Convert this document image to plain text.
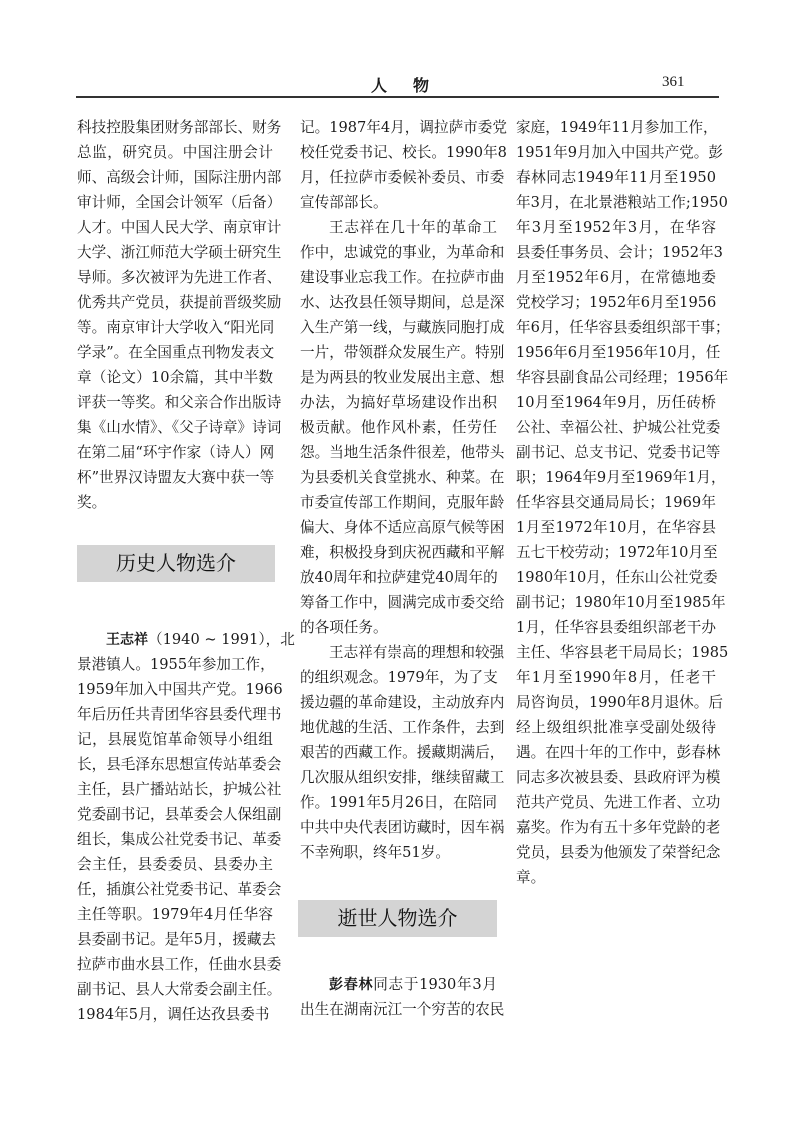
人物	361
科技控股集团财务部部长、财务
总监，研究员。中国注册会计
师、高级会计师，国际注册内部
审计师，全国会计领军（后备）
人才。中国人民大学、南京审计
大学、浙江师范大学硕士研究生
导师。多次被评为先进工作者、
优秀共产党员，获提前晋级奖励
等。南京审计大学收入“阳光同
学录”。在全国重点刊物发表文
章（论文）10余篇，其中半数
评获一等奖。和父亲合作出版诗
集《山水情》、《父子诗章》诗词
在第二届“环宇作家（诗人）网
杯”世界汉诗盟友大赛中获一等
奖。
历史人物选介
王志祥（1940 ~ 1991），北
景港镇人。1955年参加工作，
1959年加入中国共产党。1966
年后历任共青团华容县委代理书
记，县展览馆革命领导小组组
长，县毛泽东思想宣传站革委会
主任，县广播站站长，护城公社
党委副书记，县革委会人保组副
组长，集成公社党委书记、革委
会主任，县委委员、县委办主
任，插旗公社党委书记、革委会
主任等职。1979年4月任华容
县委副书记。是年5月，援藏去
拉萨市曲水县工作，任曲水县委
副书记、县人大常委会副主任。
1984年5月，调任达孜县委书
记。1987年4月，调拉萨市委党
校任党委书记、校长。1990年8
月，任拉萨市委候补委员、市委
宣传部部长。
王志祥在几十年的革命工
作中，忠诚党的事业，为革命和
建设事业忘我工作。在拉萨市曲
水、达孜县任领导期间，总是深
入生产第一线，与藏族同胞打成
一片，带领群众发展生产。特别
是为两县的牧业发展出主意、想
办法，为搞好草场建设作出积
极贡献。他作风朴素，任劳任
怨。当地生活条件很差，他带头
为县委机关食堂挑水、种菜。在
市委宣传部工作期间，克服年龄
偏大、身体不适应高原气候等困
难，积极投身到庆祝西藏和平解
放40周年和拉萨建党40周年的
筹备工作中，圆满完成市委交给
的各项任务。
王志祥有崇高的理想和较强
的组织观念。1979年，为了支
援边疆的革命建设，主动放弃内
地优越的生活、工作条件，去到
艰苦的西藏工作。援藏期满后，
几次服从组织安排，继续留藏工
作。1991年5月26日，在陪同
中共中央代表团访藏时，因车祸
不幸殉职，终年51岁。
逝世人物选介
彭春林同志于1930年3月
出生在湖南沅江一个穷苦的农民
家庭，1949年11月参加工作，
1951年9月加入中国共产党。彭
春林同志1949年11月至1950
年3月，在北景港粮站工作;1950
年3月至1952年3月，在华容
县委任事务员、会计；1952年3
月至1952年6月，在常德地委
党校学习；1952年6月至1956
年6月，任华容县委组织部干事；
1956年6月至1956年10月，任
华容县副食品公司经理；1956年
10月至1964年9月，历任砖桥
公社、幸福公社、护城公社党委
副书记、总支书记、党委书记等
职；1964年9月至1969年1月，
任华容县交通局局长；1969年
1月至1972年10月，在华容县
五七干校劳动；1972年10月至
1980年10月，任东山公社党委
副书记；1980年10月至1985年
1月，任华容县委组织部老干办
主任、华容县老干局局长；1985
年1月至1990年8月，任老干
局咨询员，1990年8月退休。后
经上级组织批准享受副处级待
遇。在四十年的工作中，彭春林
同志多次被县委、县政府评为模
范共产党员、先进工作者、立功
嘉奖。作为有五十多年党龄的老
党员，县委为他颁发了荣誉纪念
章。
